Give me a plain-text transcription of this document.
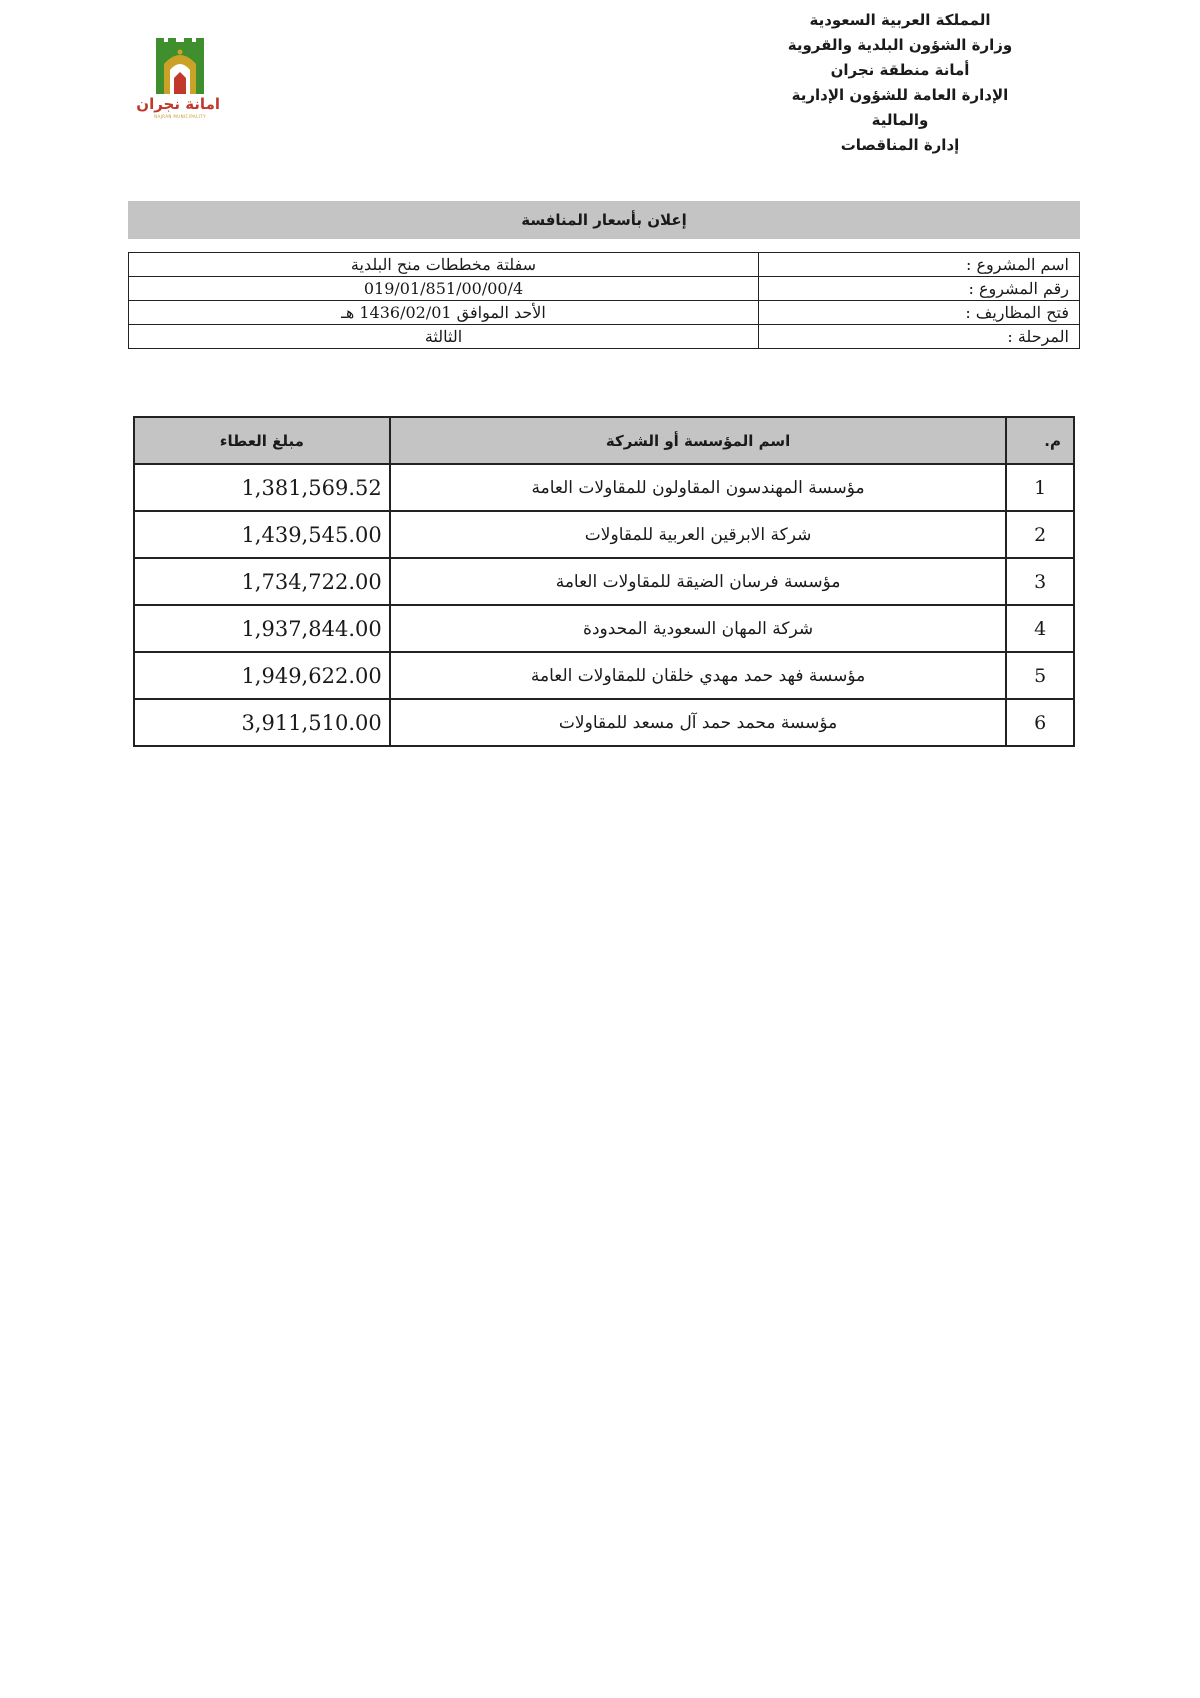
المملكة العربية السعودية
وزارة الشؤون البلدية والقروية
أمانة منطقة نجران
الإدارة العامة للشؤون الإدارية
والمالية
إدارة المناقصات
امانة نجران
NAJRAN MUNICIPALITY
إعلان بأسعار المنافسة
اسم المشروع :	سفلتة مخططات منح البلدية
رقم المشروع :	019/01/851/00/00/4
فتح المظاريف :	الأحد الموافق 1436/02/01 هـ
المرحلة :	الثالثة
م.	اسم المؤسسة أو الشركة	مبلغ العطاء
1	مؤسسة المهندسون المقاولون للمقاولات العامة	1,381,569.52

2	شركة الابرقين العربية للمقاولات	1,439,545.00

3	مؤسسة فرسان الضيقة للمقاولات العامة	1,734,722.00

4	شركة المهان السعودية المحدودة	1,937,844.00

5	مؤسسة فهد حمد مهدي خلقان للمقاولات العامة	1,949,622.00

6	مؤسسة محمد حمد آل مسعد للمقاولات	3,911,510.00
